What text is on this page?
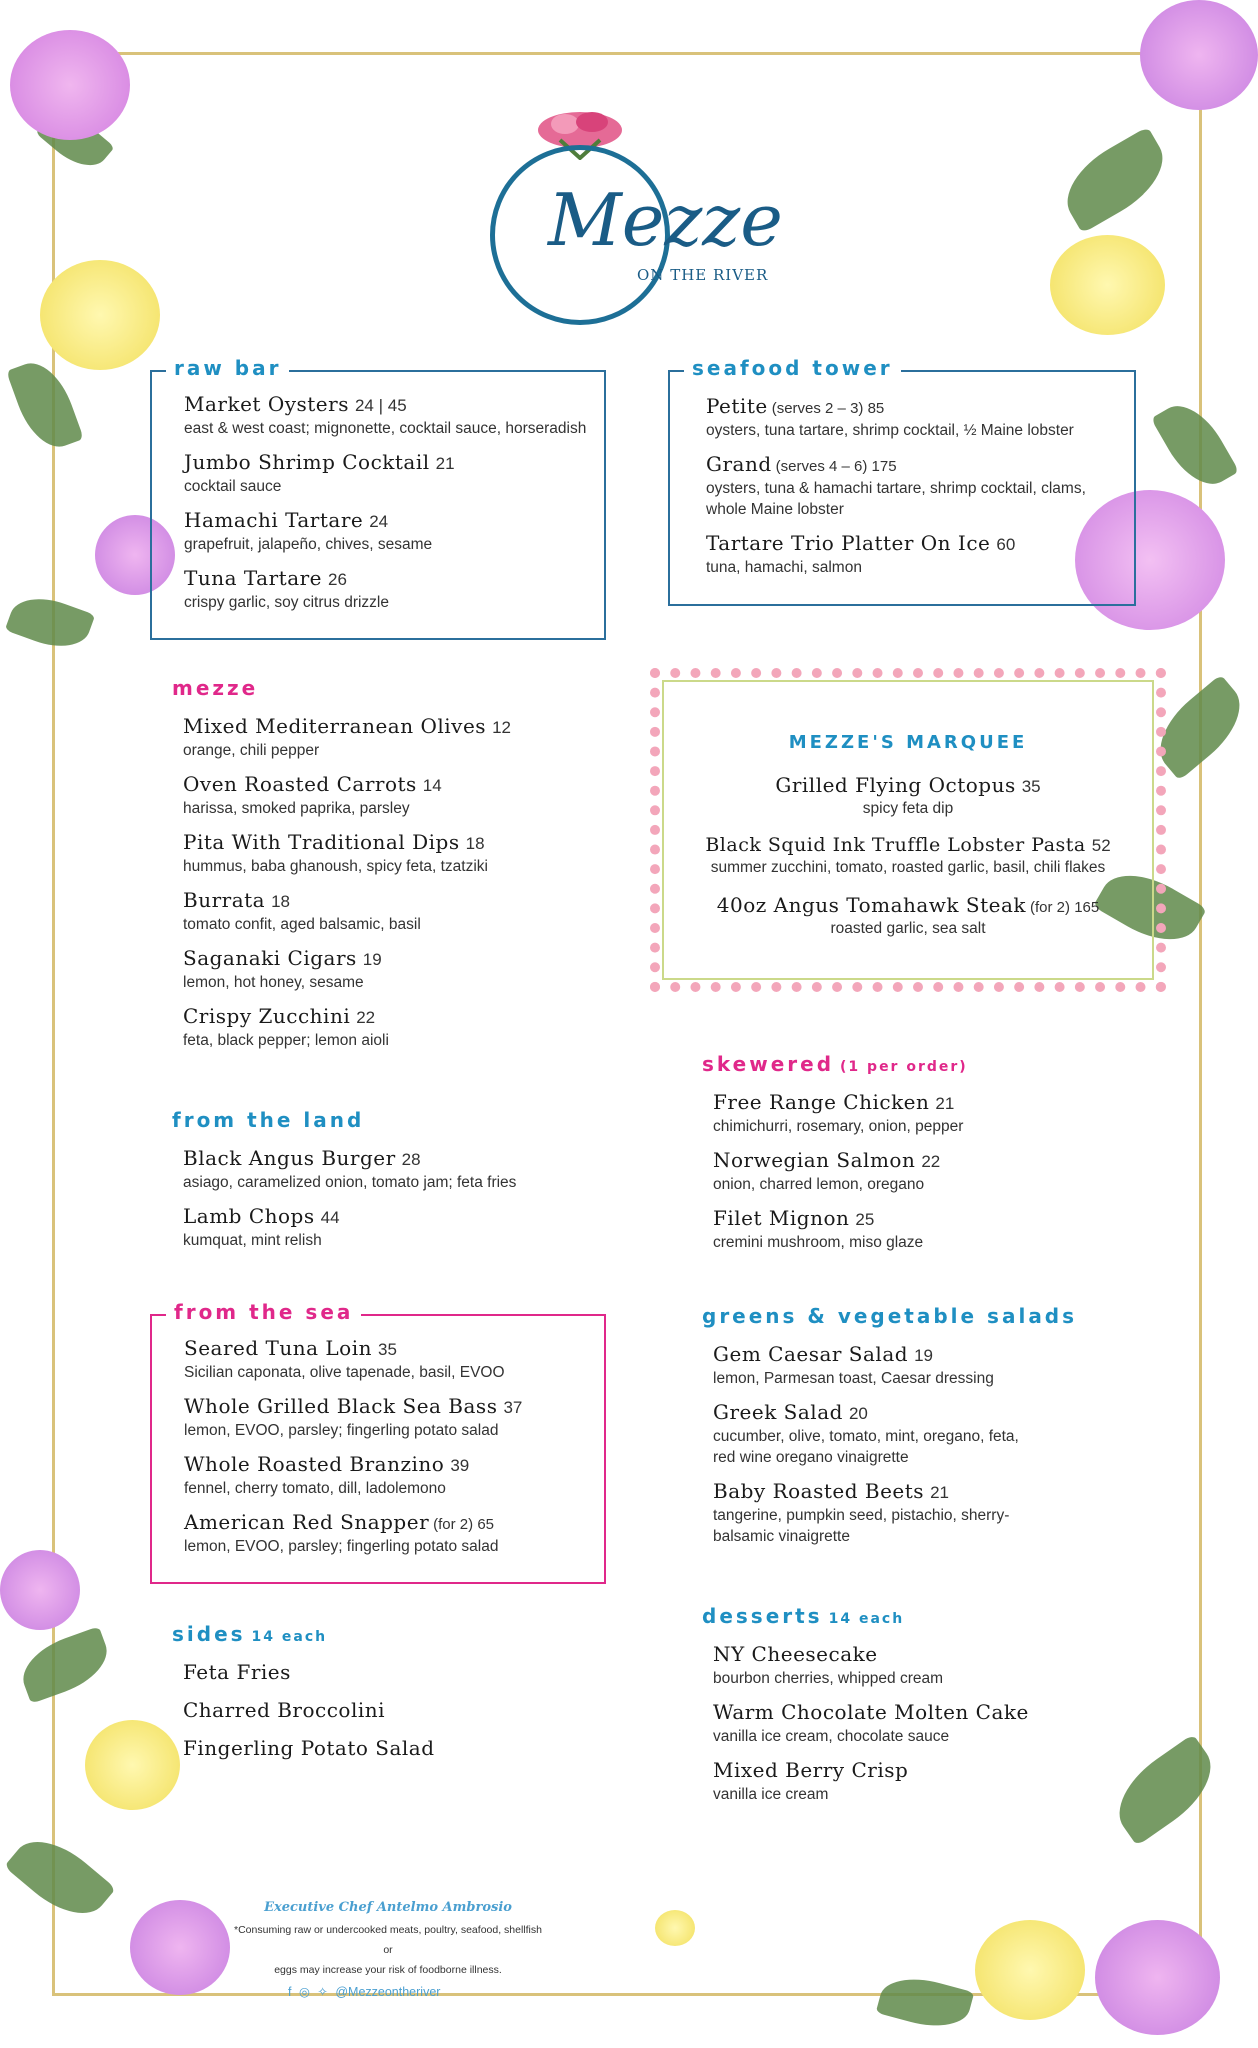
Mezze
ON THE RIVER
raw bar
Market Oysters 24 | 45
east & west coast; mignonette, cocktail sauce, horseradish
Jumbo Shrimp Cocktail 21
cocktail sauce
Hamachi Tartare 24
grapefruit, jalapeño, chives, sesame
Tuna Tartare 26
crispy garlic, soy citrus drizzle
seafood tower
Petite (serves 2 – 3) 85
oysters, tuna tartare, shrimp cocktail, ½ Maine lobster
Grand (serves 4 – 6) 175
oysters, tuna & hamachi tartare, shrimp cocktail, clams, whole Maine lobster
Tartare Trio Platter On Ice 60
tuna, hamachi, salmon
mezze
Mixed Mediterranean Olives 12
orange, chili pepper
Oven Roasted Carrots 14
harissa, smoked paprika, parsley
Pita With Traditional Dips 18
hummus, baba ghanoush, spicy feta, tzatziki
Burrata 18
tomato confit, aged balsamic, basil
Saganaki Cigars 19
lemon, hot honey, sesame
Crispy Zucchini 22
feta, black pepper; lemon aioli
MEZZE'S MARQUEE
Grilled Flying Octopus 35
spicy feta dip
Black Squid Ink Truffle Lobster Pasta 52
summer zucchini, tomato, roasted garlic, basil, chili flakes
40oz Angus Tomahawk Steak (for 2) 165
roasted garlic, sea salt
from the land
Black Angus Burger 28
asiago, caramelized onion, tomato jam; feta fries
Lamb Chops 44
kumquat, mint relish
skewered (1 per order)
Free Range Chicken 21
chimichurri, rosemary, onion, pepper
Norwegian Salmon 22
onion, charred lemon, oregano
Filet Mignon 25
cremini mushroom, miso glaze
from the sea
Seared Tuna Loin 35
Sicilian caponata, olive tapenade, basil, EVOO
Whole Grilled Black Sea Bass 37
lemon, EVOO, parsley; fingerling potato salad
Whole Roasted Branzino 39
fennel, cherry tomato, dill, ladolemono
American Red Snapper (for 2) 65
lemon, EVOO, parsley; fingerling potato salad
greens & vegetable salads
Gem Caesar Salad 19
lemon, Parmesan toast, Caesar dressing
Greek Salad 20
cucumber, olive, tomato, mint, oregano, feta, red wine oregano vinaigrette
Baby Roasted Beets 21
tangerine, pumpkin seed, pistachio, sherry-balsamic vinaigrette
sides 14 each
Feta Fries
Charred Broccolini
Fingerling Potato Salad
desserts 14 each
NY Cheesecake
bourbon cherries, whipped cream
Warm Chocolate Molten Cake
vanilla ice cream, chocolate sauce
Mixed Berry Crisp
vanilla ice cream
Executive Chef Antelmo Ambrosio
*Consuming raw or undercooked meats, poultry, seafood, shellfish or
eggs may increase your risk of foodborne illness.
f ◎ ✧ @Mezzeontheriver
